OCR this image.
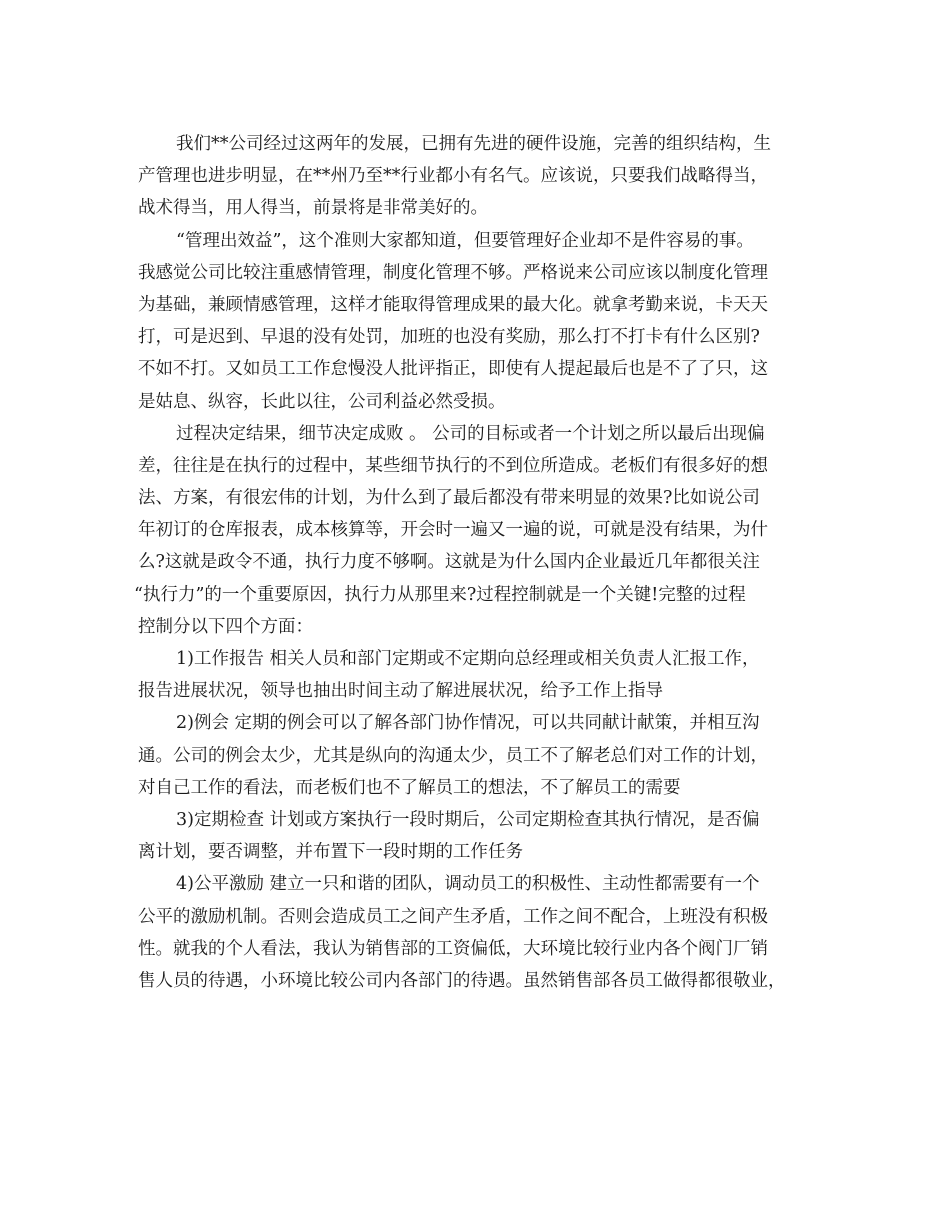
我们**公司经过这两年的发展，已拥有先进的硬件设施，完善的组织结构，生
产管理也进步明显，在**州乃至**行业都小有名气。应该说，只要我们战略得当，
战术得当，用人得当，前景将是非常美好的。
“管理出效益”，这个准则大家都知道，但要管理好企业却不是件容易的事。
我感觉公司比较注重感情管理，制度化管理不够。严格说来公司应该以制度化管理
为基础，兼顾情感管理，这样才能取得管理成果的最大化。就拿考勤来说，卡天天
打，可是迟到、早退的没有处罚，加班的也没有奖励，那么打不打卡有什么区别?
不如不打。又如员工工作怠慢没人批评指正，即使有人提起最后也是不了了只，这
是姑息、纵容，长此以往，公司利益必然受损。
过程决定结果，细节决定成败 。 公司的目标或者一个计划之所以最后出现偏
差，往往是在执行的过程中，某些细节执行的不到位所造成。老板们有很多好的想
法、方案，有很宏伟的计划，为什么到了最后都没有带来明显的效果?比如说公司
年初订的仓库报表，成本核算等，开会时一遍又一遍的说，可就是没有结果，为什
么?这就是政令不通，执行力度不够啊。这就是为什么国内企业最近几年都很关注
“执行力”的一个重要原因，执行力从那里来?过程控制就是一个关键!完整的过程
控制分以下四个方面：
1)工作报告 相关人员和部门定期或不定期向总经理或相关负责人汇报工作，
报告进展状况，领导也抽出时间主动了解进展状况，给予工作上指导
2)例会 定期的例会可以了解各部门协作情况，可以共同献计献策，并相互沟
通。公司的例会太少，尤其是纵向的沟通太少，员工不了解老总们对工作的计划，
对自己工作的看法，而老板们也不了解员工的想法，不了解员工的需要
3)定期检查 计划或方案执行一段时期后，公司定期检查其执行情况，是否偏
离计划，要否调整，并布置下一段时期的工作任务
4)公平激励 建立一只和谐的团队，调动员工的积极性、主动性都需要有一个
公平的激励机制。否则会造成员工之间产生矛盾，工作之间不配合，上班没有积极
性。就我的个人看法，我认为销售部的工资偏低，大环境比较行业内各个阀门厂销
售人员的待遇，小环境比较公司内各部门的待遇。虽然销售部各员工做得都很敬业，
